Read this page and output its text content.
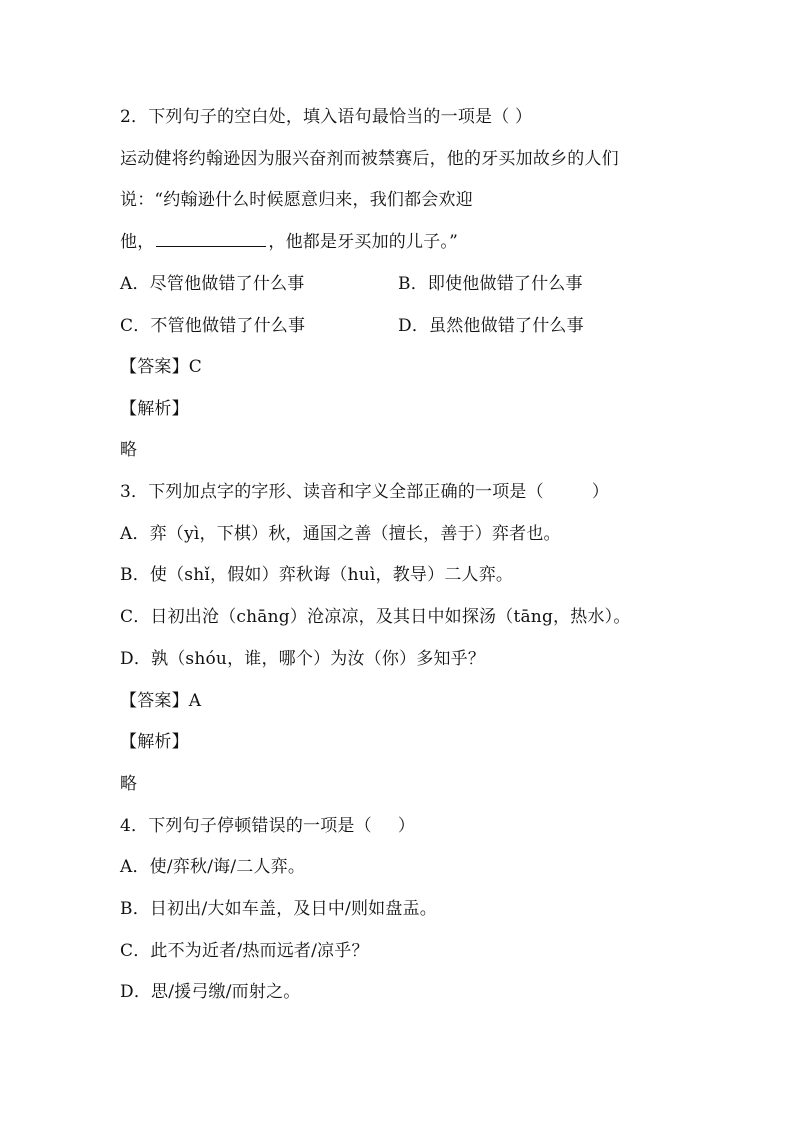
2．下列句子的空白处，填入语句最恰当的一项是（ ）
运动健将约翰逊因为服兴奋剂而被禁赛后，他的牙买加故乡的人们
说：“约翰逊什么时候愿意归来，我们都会欢迎
他，	，他都是牙买加的儿子。”
A．尽管他做错了什么事	B．即使他做错了什么事
C．不管他做错了什么事	D．虽然他做错了什么事
【答案】C
【解析】
略
3．下列加点字的字形、读音和字义全部正确的一项是（	）
A．弈（yì，下棋）秋，通国之善（擅长，善于）弈者也。
B．使（shǐ，假如）弈秋诲（huì，教导）二人弈。
C．日初出沧（chāng）沧凉凉，及其日中如探汤（tāng，热水）。
D．孰（shóu，谁，哪个）为汝（你）多知乎？
【答案】A
【解析】
略
4．下列句子停顿错误的一项是（ ）
A．使/弈秋/诲/二人弈。
B．日初出/大如车盖，及日中/则如盘盂。
C．此不为近者/热而远者/凉乎？
D．思/援弓缴/而射之。
